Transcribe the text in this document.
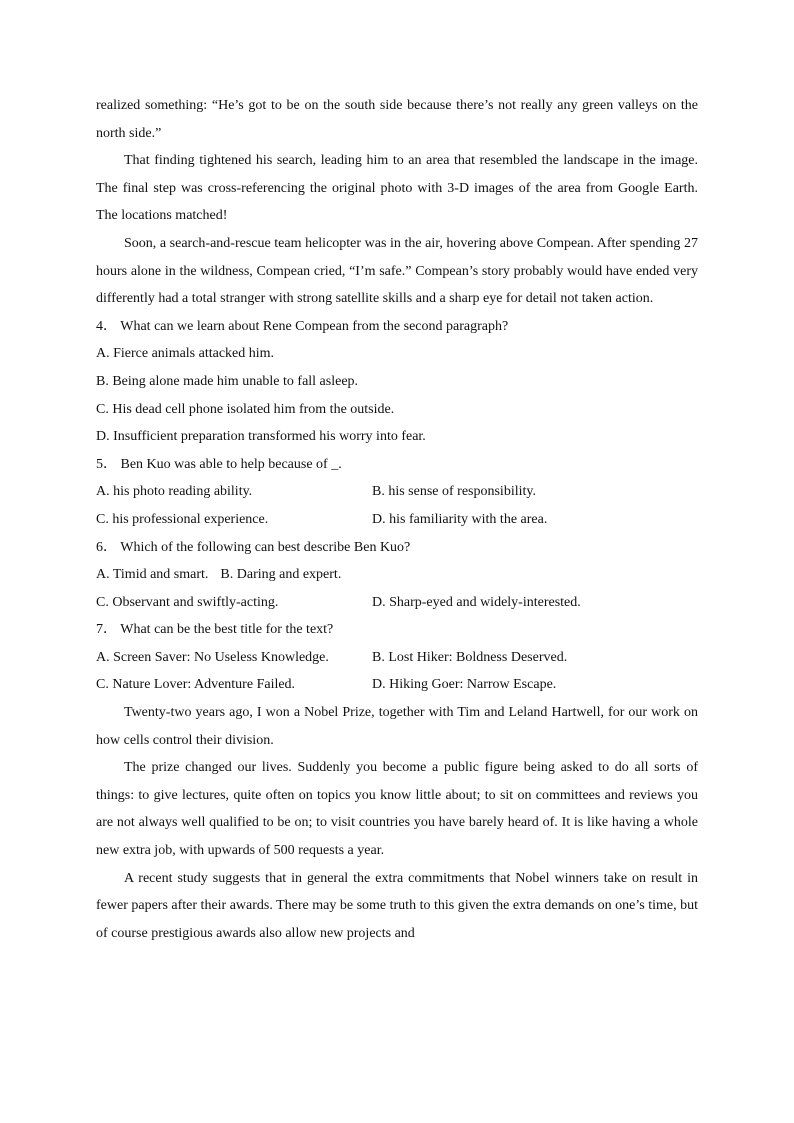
realized something: “He’s got to be on the south side because there’s not really any green valleys on the north side.”

That finding tightened his search, leading him to an area that resembled the landscape in the image. The final step was cross-referencing the original photo with 3-D images of the area from Google Earth. The locations matched!

Soon, a search-and-rescue team helicopter was in the air, hovering above Compean. After spending 27 hours alone in the wildness, Compean cried, “I’m safe.” Compean’s story probably would have ended very differently had a total stranger with strong satellite skills and a sharp eye for detail not taken action.

4． What can we learn about Rene Compean from the second paragraph?

A. Fierce animals attacked him.

B. Being alone made him unable to fall asleep.

C. His dead cell phone isolated him from the outside.

D. Insufficient preparation transformed his worry into fear.

5． Ben Kuo was able to help because of _.

A. his photo reading ability.	B. his sense of responsibility.
C. his professional experience.	D. his familiarity with the area.

6． Which of the following can best describe Ben Kuo?

A. Timid and smart. B. Daring and expert.
C. Observant and swiftly-acting.	D. Sharp-eyed and widely-interested.

7． What can be the best title for the text?

A. Screen Saver: No Useless Knowledge.	B. Lost Hiker: Boldness Deserved.
C. Nature Lover: Adventure Failed.	D. Hiking Goer: Narrow Escape.

Twenty-two years ago, I won a Nobel Prize, together with Tim and Leland Hartwell, for our work on how cells control their division.

The prize changed our lives. Suddenly you become a public figure being asked to do all sorts of things: to give lectures, quite often on topics you know little about; to sit on committees and reviews you are not always well qualified to be on; to visit countries you have barely heard of. It is like having a whole new extra job, with upwards of 500 requests a year.

A recent study suggests that in general the extra commitments that Nobel winners take on result in fewer papers after their awards. There may be some truth to this given the extra demands on one’s time, but of course prestigious awards also allow new projects and
